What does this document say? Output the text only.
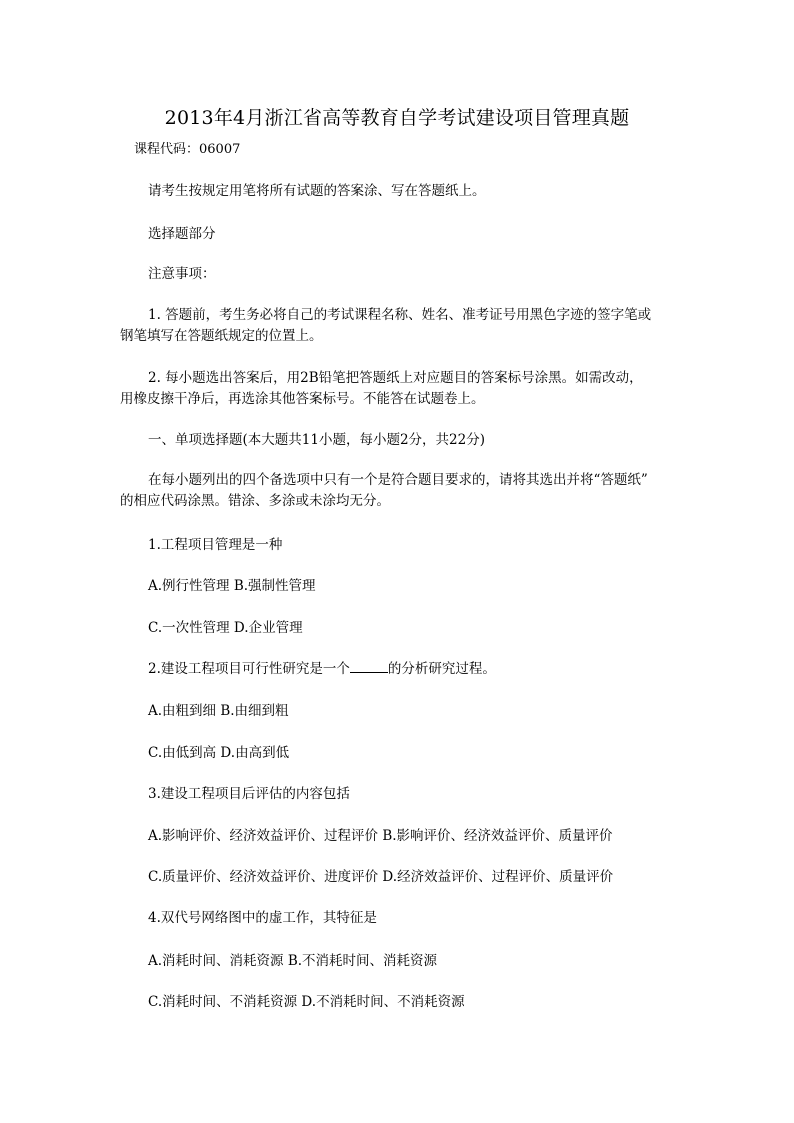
2013年4月浙江省高等教育自学考试建设项目管理真题
课程代码：06007
请考生按规定用笔将所有试题的答案涂、写在答题纸上。
选择题部分
注意事项：
1. 答题前，考生务必将自己的考试课程名称、姓名、准考证号用黑色字迹的签字笔或
钢笔填写在答题纸规定的位置上。
2. 每小题选出答案后，用2B铅笔把答题纸上对应题目的答案标号涂黑。如需改动，
用橡皮擦干净后，再选涂其他答案标号。不能答在试题卷上。
一、单项选择题(本大题共11小题，每小题2分，共22分)
在每小题列出的四个备选项中只有一个是符合题目要求的，请将其选出并将“答题纸”
的相应代码涂黑。错涂、多涂或未涂均无分。
1.工程项目管理是一种
A.例行性管理 B.强制性管理
C.一次性管理 D.企业管理
2.建设工程项目可行性研究是一个	的分析研究过程。
A.由粗到细 B.由细到粗
C.由低到高 D.由高到低
3.建设工程项目后评估的内容包括
A.影响评价、经济效益评价、过程评价 B.影响评价、经济效益评价、质量评价
C.质量评价、经济效益评价、进度评价 D.经济效益评价、过程评价、质量评价
4.双代号网络图中的虚工作，其特征是
A.消耗时间、消耗资源 B.不消耗时间、消耗资源
C.消耗时间、不消耗资源 D.不消耗时间、不消耗资源
